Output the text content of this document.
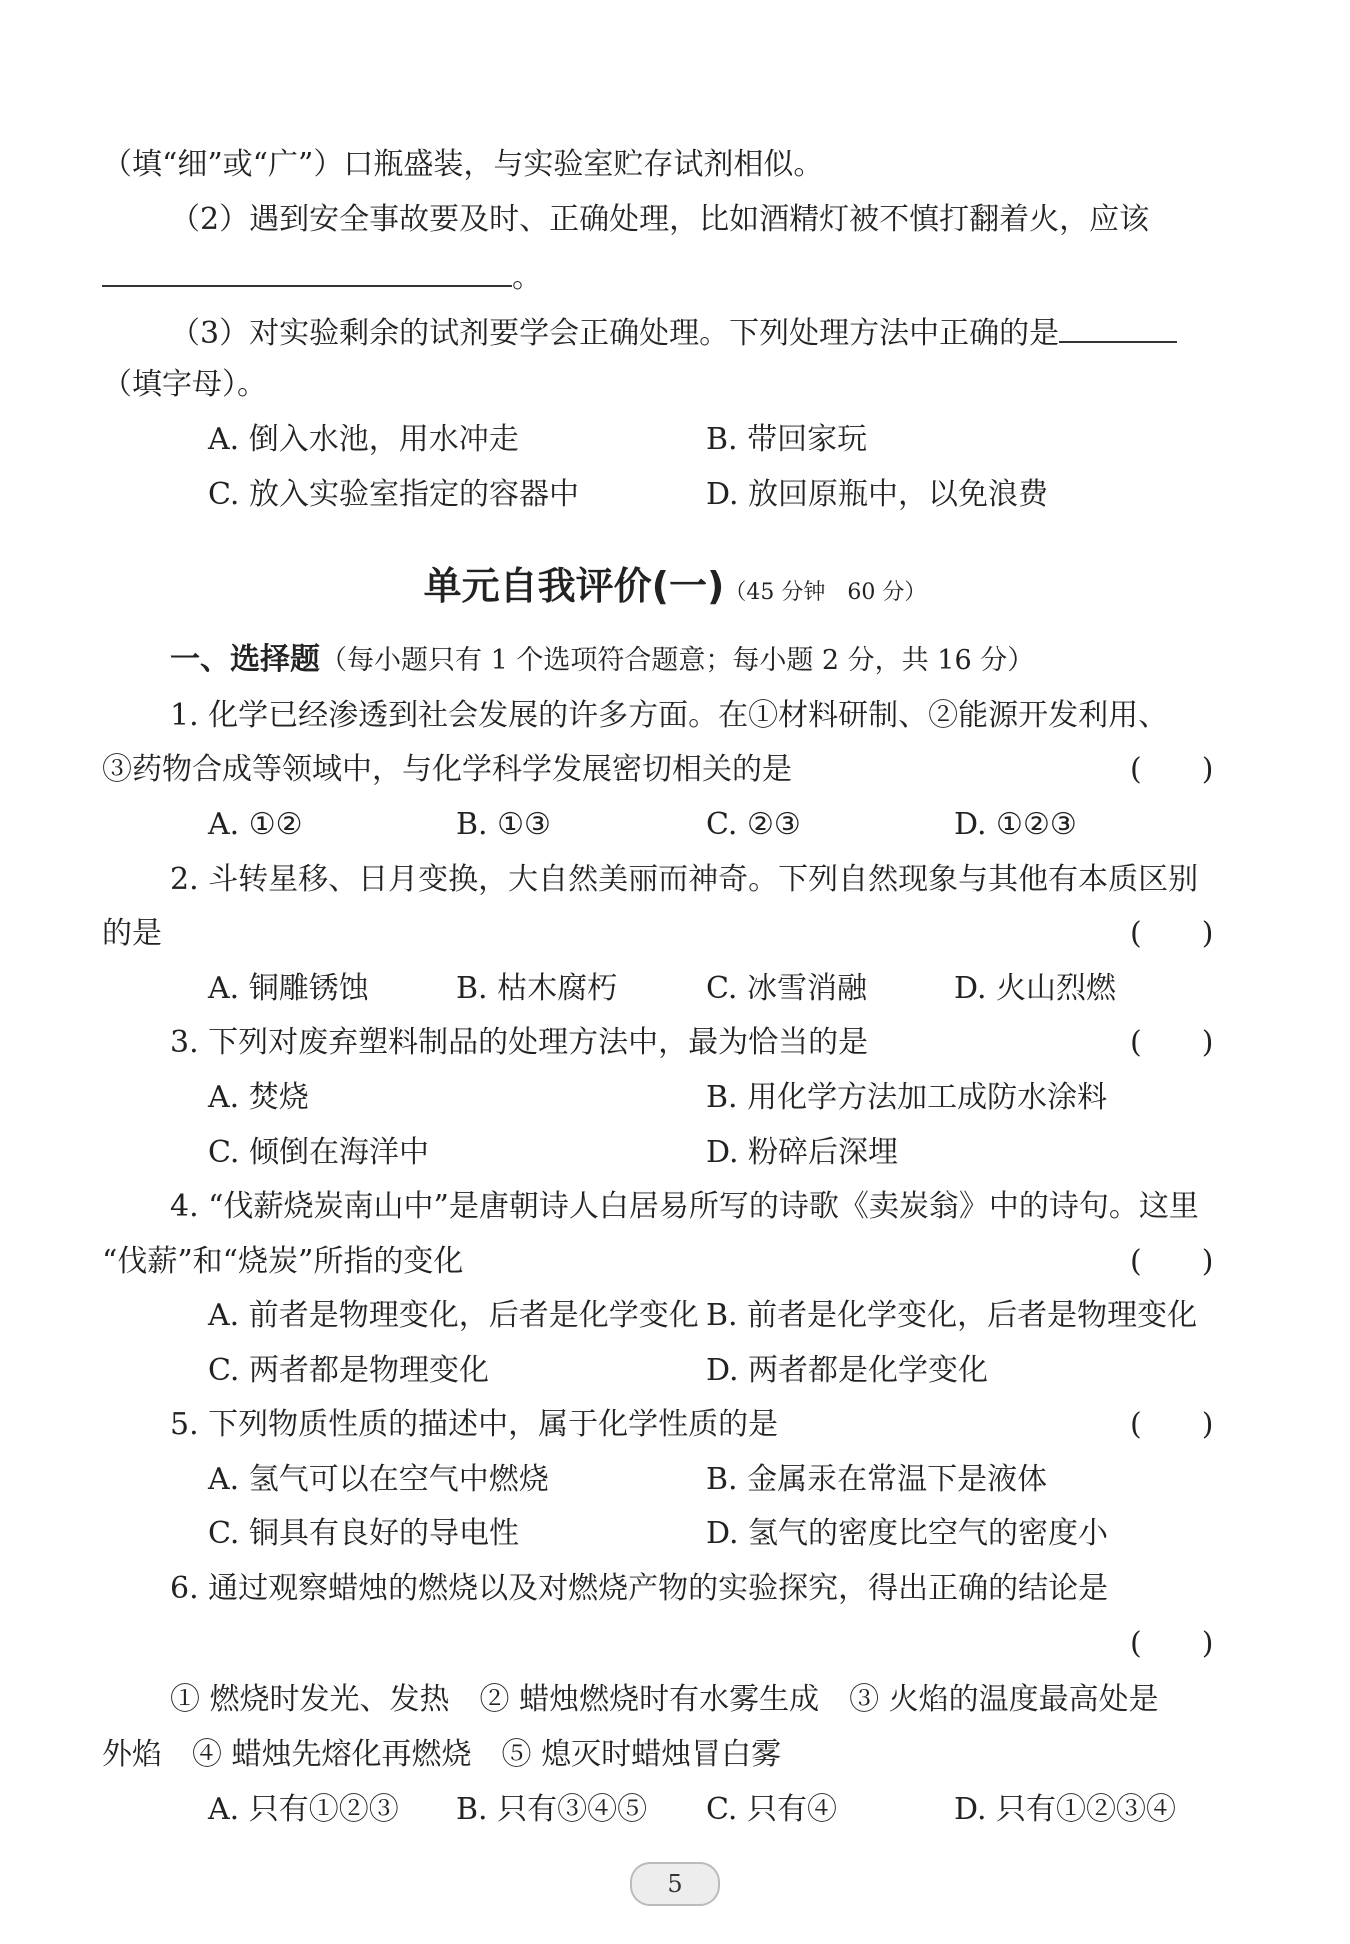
（填“细”或“广”）口瓶盛装，与实验室贮存试剂相似。
（2）遇到安全事故要及时、正确处理，比如酒精灯被不慎打翻着火，应该
。
（3）对实验剩余的试剂要学会正确处理。下列处理方法中正确的是
（填字母）。
A. 倒入水池，用水冲走	B. 带回家玩
C. 放入实验室指定的容器中	D. 放回原瓶中，以免浪费
单元自我评价(一)（45 分钟　60 分）
一、选择题（每小题只有 1 个选项符合题意；每小题 2 分，共 16 分）
1. 化学已经渗透到社会发展的许多方面。在①材料研制、②能源开发利用、
③药物合成等领域中，与化学科学发展密切相关的是	(　　)
A. ①②	B. ①③	C. ②③	D. ①②③
2. 斗转星移、日月变换，大自然美丽而神奇。下列自然现象与其他有本质区别
的是	(　　)
A. 铜雕锈蚀	B. 枯木腐朽	C. 冰雪消融	D. 火山烈燃
3. 下列对废弃塑料制品的处理方法中，最为恰当的是	(　　)
A. 焚烧	B. 用化学方法加工成防水涂料
C. 倾倒在海洋中	D. 粉碎后深埋
4. “伐薪烧炭南山中”是唐朝诗人白居易所写的诗歌《卖炭翁》中的诗句。这里
“伐薪”和“烧炭”所指的变化	(　　)
A. 前者是物理变化，后者是化学变化 B. 前者是化学变化，后者是物理变化
C. 两者都是物理变化	D. 两者都是化学变化
5. 下列物质性质的描述中，属于化学性质的是	(　　)
A. 氢气可以在空气中燃烧	B. 金属汞在常温下是液体
C. 铜具有良好的导电性	D. 氢气的密度比空气的密度小
6. 通过观察蜡烛的燃烧以及对燃烧产物的实验探究，得出正确的结论是
(　　)
① 燃烧时发光、发热　② 蜡烛燃烧时有水雾生成　③ 火焰的温度最高处是
外焰　④ 蜡烛先熔化再燃烧　⑤ 熄灭时蜡烛冒白雾
A. 只有①②③ B. 只有③④⑤ C. 只有④	D. 只有①②③④
5
